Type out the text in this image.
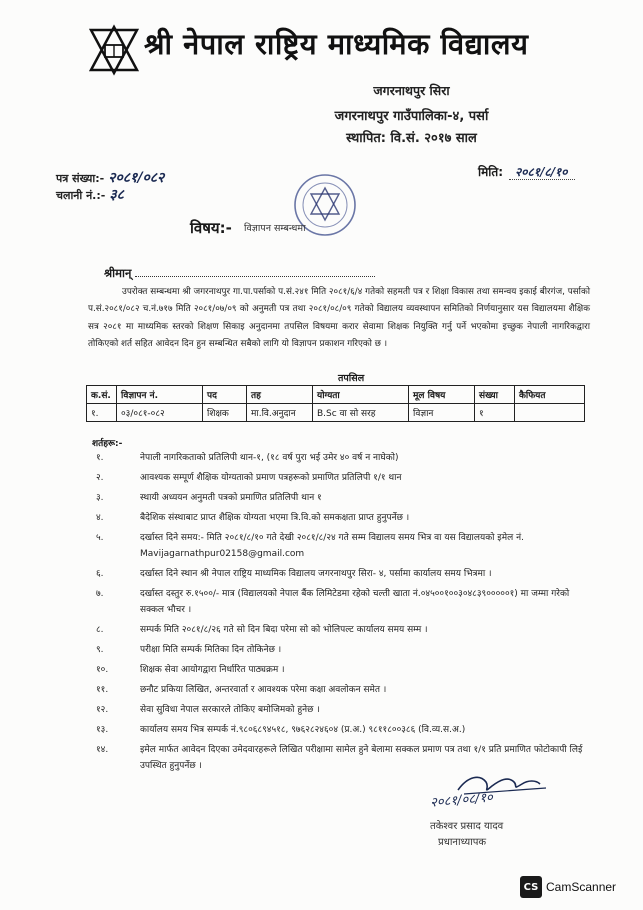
श्री नेपाल राष्ट्रिय माध्यमिक विद्यालय
जगरनाथपुर सिरा
जगरनाथपुर गाउँपालिका-४, पर्सा
स्थापित: वि.सं. २०१७ साल
पत्र संख्या:- २०८१/०८२
चलानी नं.:- ३८
मिति: २०८१/८/१०
विषय:- विज्ञापन सम्बन्धमा
श्रीमान्

उपरोक्त सम्बन्धमा श्री जगरनाथपुर गा.पा.पर्साको प.सं.२४१ मिति २०८१/६/४ गतेको सहमती पत्र र शिक्षा विकास तथा समन्वय इकाई बीरगंज, पर्साको प.सं.२०८१/०८२ च.नं.७१७ मिति २०८१/०७/०९ को अनुमती पत्र तथा २०८१/०८/०९ गतेको विद्यालय व्यवस्थापन समितिको निर्णयानुसार यस विद्यालयमा शैक्षिक सत्र २०८१ मा माध्यमिक स्तरको शिक्षण सिकाइ अनुदानमा तपसिल विषयमा करार सेवामा शिक्षक नियुक्ति गर्नु पर्ने भएकोमा इच्छुक नेपाली नागरिकद्वारा तोकिएको शर्त सहित आवेदन दिन हुन सम्बन्धित सबैको लागि यो विज्ञापन प्रकाशन गरिएको छ ।

तपसिल
क.सं.	विज्ञापन नं.	पद	तह	योग्यता	मूल विषय	संख्या	कैफियत
१.	०३/०८१-०८२	शिक्षक	मा.वि.अनुदान	B.Sc वा सो सरह	विज्ञान	१	
शर्तहरू:-
१.	नेपाली नागरिकताको प्रतिलिपी थान-१, (१८ वर्ष पुरा भई उमेर ४० वर्ष न नाघेको)
२.	आवश्यक सम्पूर्ण शैक्षिक योग्यताको प्रमाण पत्रहरूको प्रमाणित प्रतिलिपी १/१ थान
३.	स्थायी अध्ययन अनुमती पत्रको प्रमाणित प्रतिलिपी थान १
४.	बैदेशिक संस्थाबाट प्राप्त शैक्षिक योग्यता भएमा त्रि.वि.को समकक्षता प्राप्त हुनुपर्नेछ ।
५.	दर्खास्त दिने समय:- मिति २०८१/८/१० गते देखी २०८१/८/२४ गते सम्म विद्यालय समय भित्र वा यस विद्यालयको इमेल नं. Mavijagarnathpur02158@gmail.com
६.	दर्खास्त दिने स्थान श्री नेपाल राष्ट्रिय माध्यमिक विद्यालय जगरनाथपुर सिरा- ४, पर्सामा कार्यालय समय भित्रमा ।
७.	दर्खास्त दस्तुर रु.१५००/- मात्र (विद्यालयको नेपाल बैंक लिमिटेडमा रहेको चल्ती खाता नं.०४५००१००३०४८३९०००००१) मा जम्मा गरेको सक्कल भौचर ।
८.	सम्पर्क मिति २०८१/८/२६ गते सो दिन बिदा परेमा सो को भोलिपल्ट कार्यालय समय सम्म ।
९.	परीक्षा मिति सम्पर्क मितिका दिन तोकिनेछ ।
१०.	शिक्षक सेवा आयोगद्वारा निर्धारित पाठ्यक्रम ।
११.	छनौट प्रकिया लिखित, अन्तरवार्ता र आवश्यक परेमा कक्षा अवलोकन समेत ।
१२.	सेवा सुविधा नेपाल सरकारले तोकिए बमोजिमको हुनेछ ।
१३.	कार्यालय समय भित्र सम्पर्क नं.९८०६८९४५१८, ९७६२८२४६०४ (प्र.अ.) ९८११८००३८६ (वि.व्य.स.अ.)
१४.	इमेल मार्फत आवेदन दिएका उमेदवारहरूले लिखित परीक्षामा सामेल हुने बेलामा सक्कल प्रमाण पत्र तथा १/१ प्रति प्रमाणित फोटोकापी लिई उपस्थित हुनुपर्नेछ ।
२०८१/०८/१०
तकेश्वर प्रसाद यादव
प्रधानाध्यापक
CS CamScanner
